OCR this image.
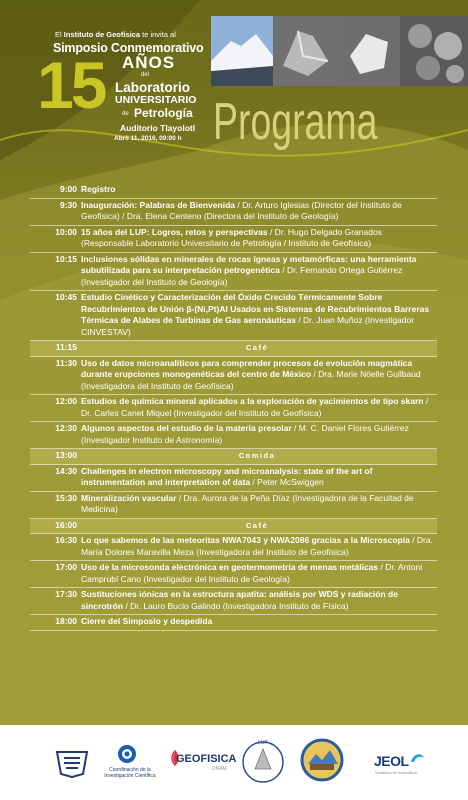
El Instituto de Geofísica te invita al
Simposio Conmemorativo
15 AÑOS
del
Laboratorio
UNIVERSITARIO
de Petrología
Auditorio Tlayolotl
Abril 11, 2016, 09:00 h Programa
9:00 Registro
9:30 Inauguración: Palabras de Bienvenida / Dr. Arturo Iglesias (Director del Instituto de Geofísica) / Dra. Elena Centeno (Directora del Instituto de Geología)
10:00 15 años del LUP: Logros, retos y perspectivas / Dr. Hugo Delgado Granados (Responsable Laboratorio Universitario de Petrología / Instituto de Geofísica)
10:15 Inclusiones sólidas en minerales de rocas ígneas y metamórficas: una herramienta subutilizada para su interpretación petrogenética / Dr. Fernando Ortega Gutiérrez (Investigador del Instituto de Geología)
10:45 Estudio Cinético y Caracterización del Óxido Crecido Térmicamente Sobre Recubrimientos de Unión β-(Ni,Pt)Al Usados en Sistemas de Recubrimientos Barreras Térmicas de Alabes de Turbinas de Gas aeronáuticas / Dr. Juan Muñoz (Investigador CINVESTAV)
11:15	Café
11:30 Uso de datos microanalíticos para comprender procesos de evolución magmática durante erupciones monogenéticas del centro de México / Dra. Marie Nöelle Guilbaud (Investigadora del Instituto de Geofísica)
12:00 Estudios de química mineral aplicados a la exploración de yacimientos de tipo skarn / Dr. Carles Canet Miquel (Investigador del Instituto de Geofísica)
12:30 Algunos aspectos del estudio de la materia presolar / M. C. Daniel Flores Gutiérrez (Investigador Instituto de Astronomía)
13:00	Comida
14:30 Challenges in electron microscopy and microanalysis: state of the art of instrumentation and interpretation of data / Peter McSwiggen
15:30 Mineralización vascular / Dra. Aurora de la Peña Díaz (Investigadora de la Facultad de Medicina)
16:00	Café
16:30 Lo que sabemos de las meteoritas NWA7043 y NWA2086 gracias a la Microscopía / Dra. María Dolores Maravilla Meza (Investigadora del Instituto de Geofísica)
17:00 Uso de la microsonda electrónica en geotermometría de menas metálicas / Dr. Antoni Camprubí Cano (Investigador del Instituto de Geología)
17:30 Sustituciones iónicas en la estructura apatita: análisis por WDS y radiación de sincrotrón / Dr. Lauro Bucio Galindo (Investigadora Instituto de Física)
18:00 Cierre del Simposio y despedida
Coordinación de la
Investigación Científica
GEOFISICA
UNAM
LUP
JEOL
Solutions for Innovation
